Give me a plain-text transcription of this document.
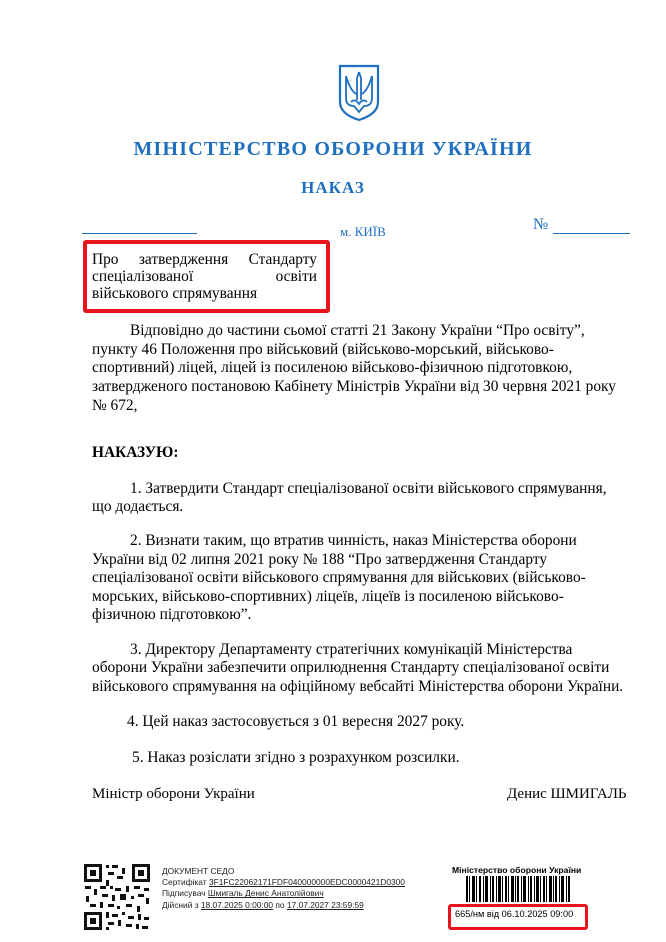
МІНІСТЕРСТВО ОБОРОНИ УКРАЇНИ
НАКАЗ
м. КИЇВ	№
Про затвердження Стандарту спеціалізованої освіти військового спрямування
Відповідно до частини сьомої статті 21 Закону України “Про освіту”,
пункту 46 Положення про військовий (військово-морський, військово-
спортивний) ліцей, ліцей із посиленою військово-фізичною підготовкою,
затвердженого постановою Кабінету Міністрів України від 30 червня 2021 року
№ 672,
НАКАЗУЮ:
1. Затвердити Стандарт спеціалізованої освіти військового спрямування,
що додається.
2. Визнати таким, що втратив чинність, наказ Міністерства оборони
України від 02 липня 2021 року № 188 “Про затвердження Стандарту
спеціалізованої освіти військового спрямування для військових (військово-
морських, військово-спортивних) ліцеїв, ліцеїв із посиленою військово-
фізичною підготовкою”.
3. Директору Департаменту стратегічних комунікацій Міністерства
оборони України забезпечити оприлюднення Стандарту спеціалізованої освіти
військового спрямування на офіційному вебсайті Міністерства оборони України.
4. Цей наказ застосовується з 01 вересня 2027 року.
5. Наказ розіслати згідно з розрахунком розсилки.
Міністр оборони України	Денис ШМИГАЛЬ
ДОКУМЕНТ СЕДО
Сертифікат 3F1FC22062171FDF040000000EDC0000421D0300
Підписувач Шмигаль Денис Анатолійович
Дійсний з 18.07.2025 0:00:00 по 17.07.2027 23:59:59
Міністерство оборони України
665/нм від 06.10.2025 09:00
